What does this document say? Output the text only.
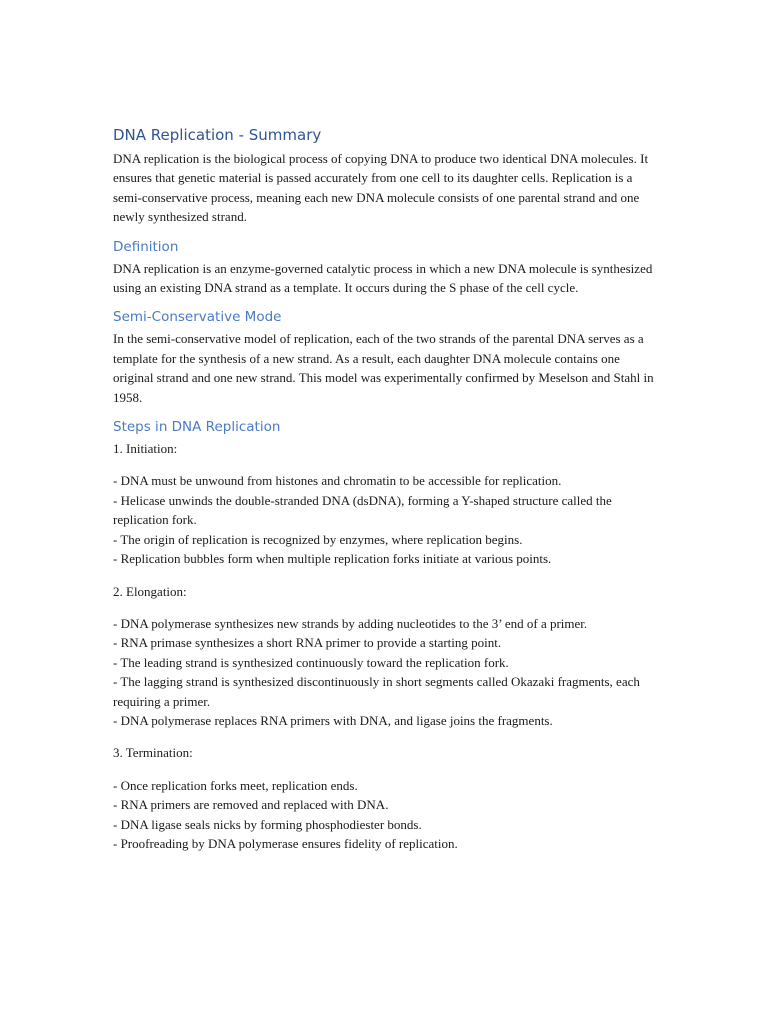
DNA Replication - Summary

DNA replication is the biological process of copying DNA to produce two identical DNA molecules. It ensures that genetic material is passed accurately from one cell to its daughter cells. Replication is a semi-conservative process, meaning each new DNA molecule consists of one parental strand and one newly synthesized strand.

Definition

DNA replication is an enzyme-governed catalytic process in which a new DNA molecule is synthesized using an existing DNA strand as a template. It occurs during the S phase of the cell cycle.

Semi-Conservative Mode

In the semi-conservative model of replication, each of the two strands of the parental DNA serves as a template for the synthesis of a new strand. As a result, each daughter DNA molecule contains one original strand and one new strand. This model was experimentally confirmed by Meselson and Stahl in 1958.

Steps in DNA Replication

1. Initiation:

- DNA must be unwound from histones and chromatin to be accessible for replication.

- Helicase unwinds the double-stranded DNA (dsDNA), forming a Y-shaped structure called the replication fork.

- The origin of replication is recognized by enzymes, where replication begins.

- Replication bubbles form when multiple replication forks initiate at various points.

2. Elongation:

- DNA polymerase synthesizes new strands by adding nucleotides to the 3’ end of a primer.

- RNA primase synthesizes a short RNA primer to provide a starting point.

- The leading strand is synthesized continuously toward the replication fork.

- The lagging strand is synthesized discontinuously in short segments called Okazaki fragments, each requiring a primer.

- DNA polymerase replaces RNA primers with DNA, and ligase joins the fragments.

3. Termination:

- Once replication forks meet, replication ends.

- RNA primers are removed and replaced with DNA.

- DNA ligase seals nicks by forming phosphodiester bonds.

- Proofreading by DNA polymerase ensures fidelity of replication.
